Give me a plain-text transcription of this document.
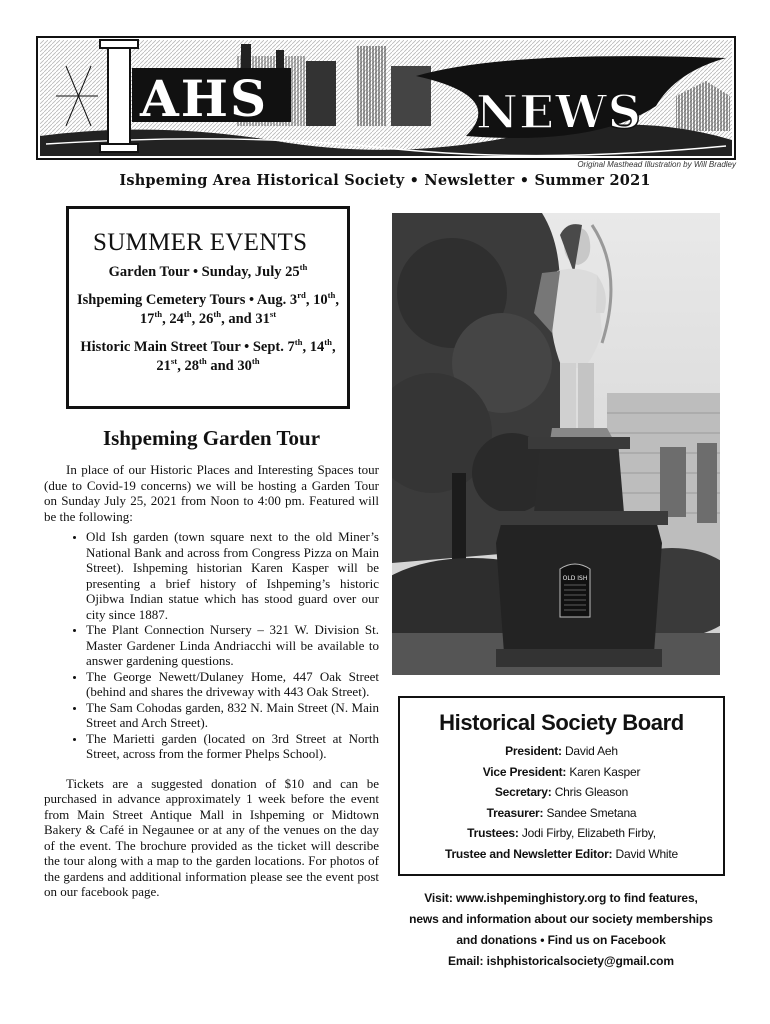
AHS	NEWS
Original Masthead Illustration by Will Bradley
Ishpeming Area Historical Society • Newsletter • Summer 2021
SUMMER EVENTS
Garden Tour • Sunday, July 25th
Ishpeming Cemetery Tours • Aug. 3rd, 10th, 17th, 24th, 26th, and 31st
Historic Main Street Tour • Sept. 7th, 14th, 21st, 28th and 30th
Ishpeming Garden Tour

In place of our Historic Places and Interesting Spaces tour (due to Covid-19 concerns) we will be hosting a Garden Tour on Sunday July 25, 2021 from Noon to 4:00 pm. Featured will be the following:

• Old Ish garden (town square next to the old Miner’s National Bank and across from Congress Pizza on Main Street). Ishpeming historian Karen Kasper will be presenting a brief history of Ishpeming’s historic Ojibwa Indian statue which has stood guard over our city since 1887.
• The Plant Connection Nursery – 321 W. Division St. Master Gardener Linda Andriacchi will be available to answer gardening questions.
• The George Newett/Dulaney Home, 447 Oak Street (behind and shares the driveway with 443 Oak Street).
• The Sam Cohodas garden, 832 N. Main Street (N. Main Street and Arch Street).
• The Marietti garden (located on 3rd Street at North Street, across from the former Phelps School).

Tickets are a suggested donation of $10 and can be purchased in advance approximately 1 week before the event from Main Street Antique Mall in Ishpeming or Midtown Bakery & Café in Negaunee or at any of the venues on the day of the event. The brochure provided as the ticket will describe the tour along with a map to the garden locations. For photos of the gardens and additional information please see the event post on our facebook page.

OLD ISH
Historical Society Board
President: David Aeh
Vice President: Karen Kasper
Secretary: Chris Gleason
Treasurer: Sandee Smetana
Trustees: Jodi Firby, Elizabeth Firby,
Trustee and Newsletter Editor: David White
Visit: www.ishpeminghistory.org to find features,
news and information about our society memberships
and donations • Find us on Facebook
Email: ishphistoricalsociety@gmail.com
